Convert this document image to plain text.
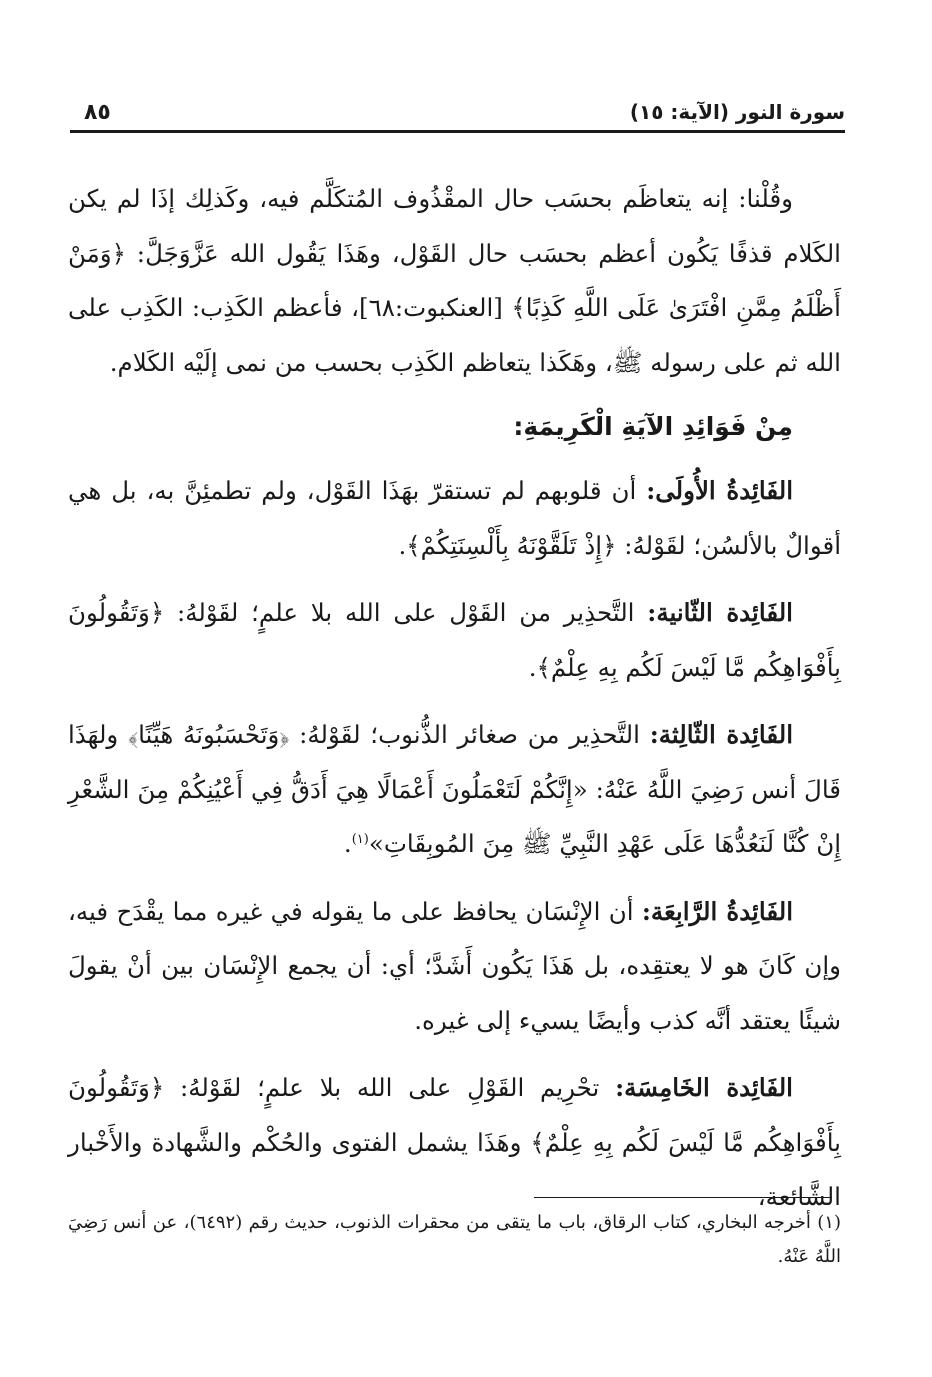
٨٥	سورة النور (الآية: ١٥)

وقُلْنا: إنه يتعاظَم بحسَب حال المقْذُوف المُتكَلَّم فيه، وكَذلِك إذَا لم يكن الكَلام قذفًا يَكُون أعظم بحسَب حال القَوْل، وهَذَا يَقُول الله عَزَّوَجَلَّ: ﴿وَمَنْ أَظْلَمُ مِمَّنِ افْتَرَىٰ عَلَى اللَّهِ كَذِبًا﴾ [العنكبوت:٦٨]، فأعظم الكَذِب: الكَذِب على الله ثم على رسوله ﷺ، وهَكَذا يتعاظم الكَذِب بحسب من نمى إلَيْه الكَلام.

مِنْ فَوَائِدِ الآيَةِ الْكَرِيمَةِ:

الفَائِدةُ الأُولَى: أن قلوبهم لم تستقرّ بهَذَا القَوْل، ولم تطمئِنَّ به، بل هي أقوالٌ بالألسُن؛ لقَوْلهُ: ﴿إِذْ تَلَقَّوْنَهُ بِأَلْسِنَتِكُمْ﴾.

الفَائِدة الثّانية: التَّحذِير من القَوْل على الله بلا علمٍ؛ لقَوْلهُ: ﴿وَتَقُولُونَ بِأَفْوَاهِكُم مَّا لَيْسَ لَكُم بِهِ عِلْمٌ﴾.

الفَائِدة الثّالِثة: التَّحذِير من صغائر الذُّنوب؛ لقَوْلهُ: ﴿وَتَحْسَبُونَهُ هَيِّنًا﴾ ولهَذَا قَالَ أنس رَضِيَ اللَّهُ عَنْهُ: «إِنَّكُمْ لَتَعْمَلُونَ أَعْمَالًا هِيَ أَدَقُّ فِي أَعْيُنِكُمْ مِنَ الشَّعْرِ إِنْ كُنَّا لَنَعُدُّهَا عَلَى عَهْدِ النَّبِيِّ ﷺ مِنَ المُوبِقَاتِ»$^{(١)}$.

الفَائِدةُ الرَّابِعَة: أن الإِنْسَان يحافظ على ما يقوله في غيره مما يقْدَح فيه، وإن كَانَ هو لا يعتقِده، بل هَذَا يَكُون أَشَدَّ؛ أي: أن يجمع الإِنْسَان بين أنْ يقولَ شيئًا يعتقد أنَّه كذب وأيضًا يسيء إلى غيره.

الفَائِدة الخَامِسَة: تحْرِيم القَوْلِ على الله بلا علمٍ؛ لقَوْلهُ: ﴿وَتَقُولُونَ بِأَفْوَاهِكُم مَّا لَيْسَ لَكُم بِهِ عِلْمٌ﴾ وهَذَا يشمل الفتوى والحُكْم والشَّهادة والأَخْبار الشَّائعة،

(١) أخرجه البخاري، كتاب الرقاق، باب ما يتقى من محقرات الذنوب، حديث رقم (٦٤٩٢)، عن أنس رَضِيَ اللَّهُ عَنْهُ.
